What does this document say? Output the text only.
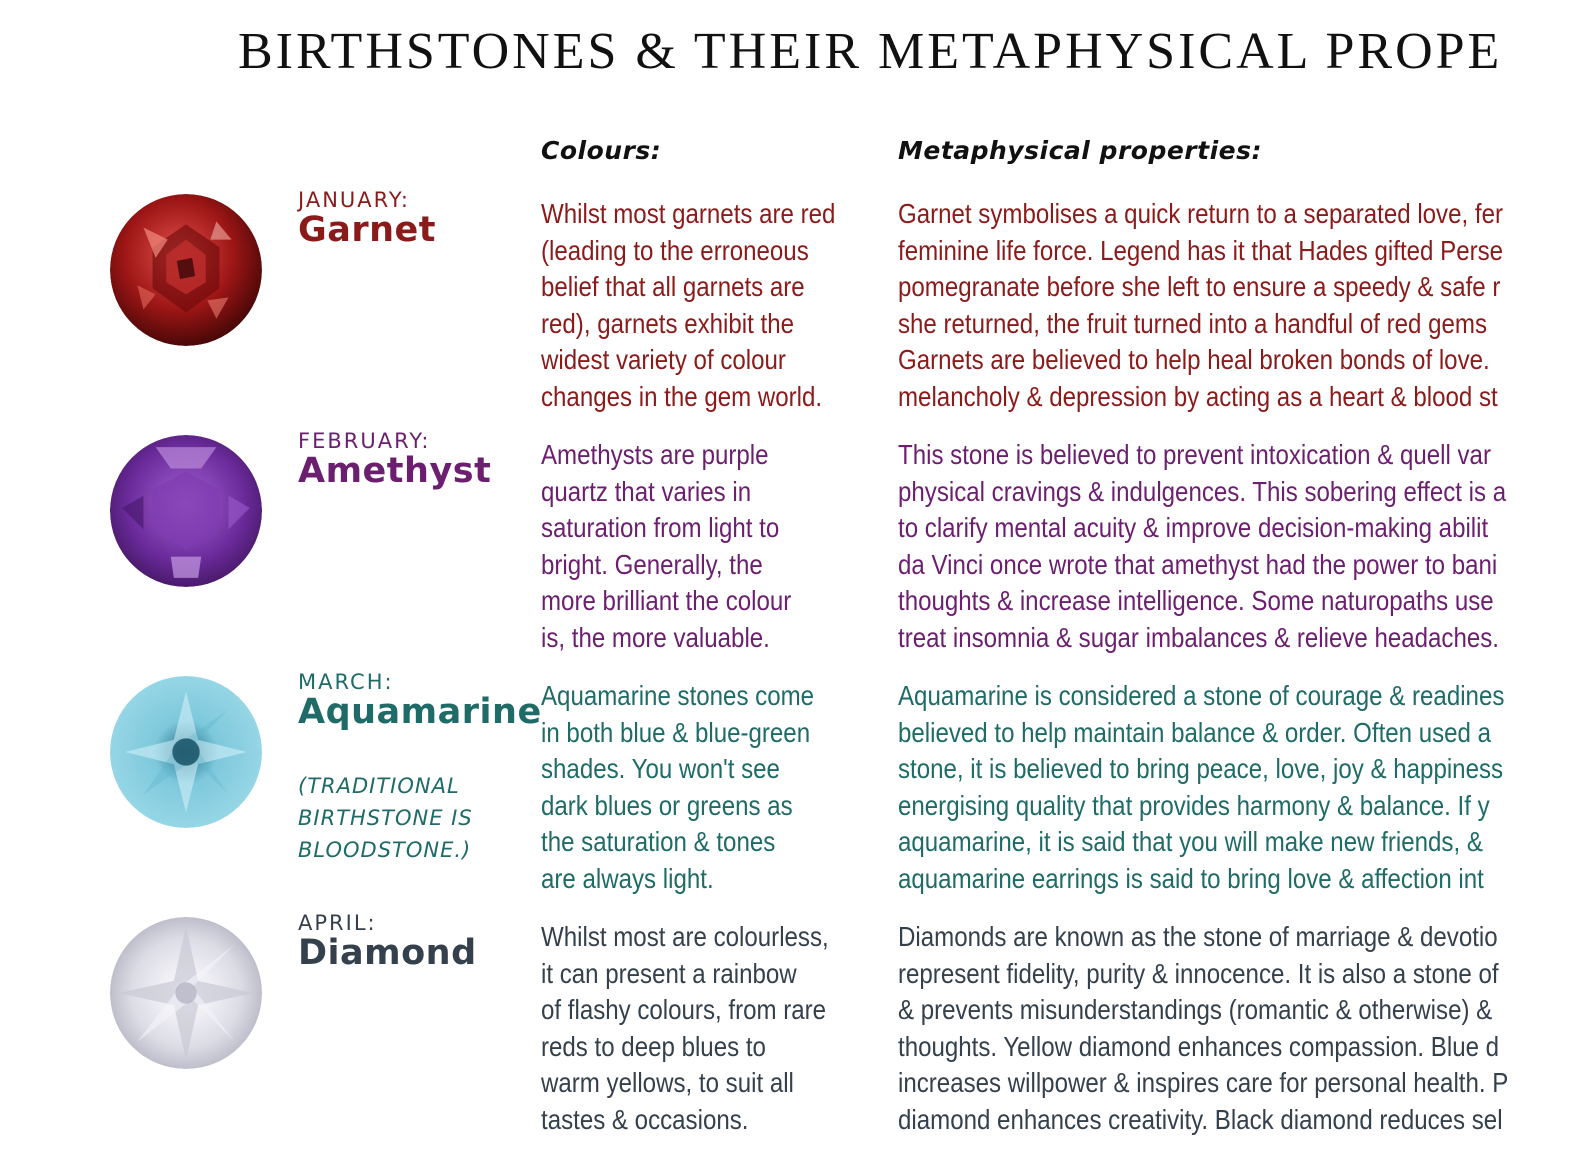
BIRTHSTONES & THEIR METAPHYSICAL PROPE
Colours:	Metaphysical properties:
JANUARY:
Garnet	Whilst most garnets are red
(leading to the erroneous
belief that all garnets are
red), garnets exhibit the
widest variety of colour
changes in the gem world.
Garnet symbolises a quick return to a separated love, fer
feminine life force. Legend has it that Hades gifted Perse
pomegranate before she left to ensure a speedy & safe r
she returned, the fruit turned into a handful of red gems
Garnets are believed to help heal broken bonds of love.
melancholy & depression by acting as a heart & blood st
FEBRUARY:
Amethyst Amethysts are purple
quartz that varies in
saturation from light to
bright. Generally, the
more brilliant the colour
is, the more valuable.
This stone is believed to prevent intoxication & quell var
physical cravings & indulgences. This sobering effect is a
to clarify mental acuity & improve decision-making abilit
da Vinci once wrote that amethyst had the power to bani
thoughts & increase intelligence. Some naturopaths use
treat insomnia & sugar imbalances & relieve headaches.
MARCH:
Aquamarine
(TRADITIONAL
BIRTHSTONE IS
BLOODSTONE.)
Aquamarine stones come
in both blue & blue-green
shades. You won't see
dark blues or greens as
the saturation & tones
are always light.
Aquamarine is considered a stone of courage & readines
believed to help maintain balance & order. Often used a
stone, it is believed to bring peace, love, joy & happiness
energising quality that provides harmony & balance. If y
aquamarine, it is said that you will make new friends, &
aquamarine earrings is said to bring love & affection int
APRIL:
Diamond Whilst most are colourless,
it can present a rainbow
of flashy colours, from rare
reds to deep blues to
warm yellows, to suit all
tastes & occasions.
Diamonds are known as the stone of marriage & devotio
represent fidelity, purity & innocence. It is also a stone of
& prevents misunderstandings (romantic & otherwise) &
thoughts. Yellow diamond enhances compassion. Blue d
increases willpower & inspires care for personal health. P
diamond enhances creativity. Black diamond reduces sel
